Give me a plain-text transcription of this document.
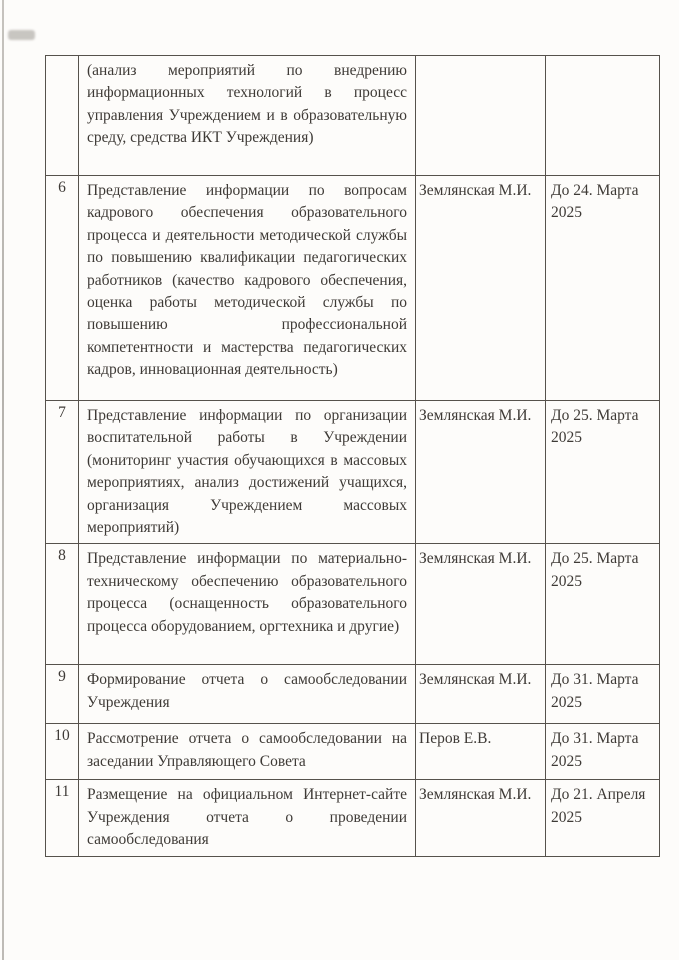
	(анализ мероприятий по внедрению информационных технологий в процесс управления Учреждением и в образовательную среду, средства ИКТ Учреждения)		
6	Представление информации по вопросам кадрового обеспечения образовательного процесса и деятельности методической службы по повышению квалификации педагогических работников (качество кадрового обеспечения, оценка работы методической службы по повышению профессиональной компетентности и мастерства педагогических кадров, инновационная деятельность)	Землянская М.И.	До 24. Марта 2025
7	Представление информации по организации воспитательной работы в Учреждении (мониторинг участия обучающихся в массовых мероприятиях, анализ достижений учащихся, организация Учреждением массовых мероприятий)	Землянская М.И.	До 25. Марта 2025
8	Представление информации по материально-техническому обеспечению образовательного процесса (оснащенность образовательного процесса оборудованием, оргтехника и другие)	Землянская М.И.	До 25. Марта 2025
9	Формирование отчета о самообследовании Учреждения	Землянская М.И.	До 31. Марта 2025
10	Рассмотрение отчета о самообследовании на заседании Управляющего Совета	Перов Е.В.	До 31. Марта 2025
11	Размещение на официальном Интернет-сайте Учреждения отчета о проведении самообследования	Землянская М.И.	До 21. Апреля 2025
